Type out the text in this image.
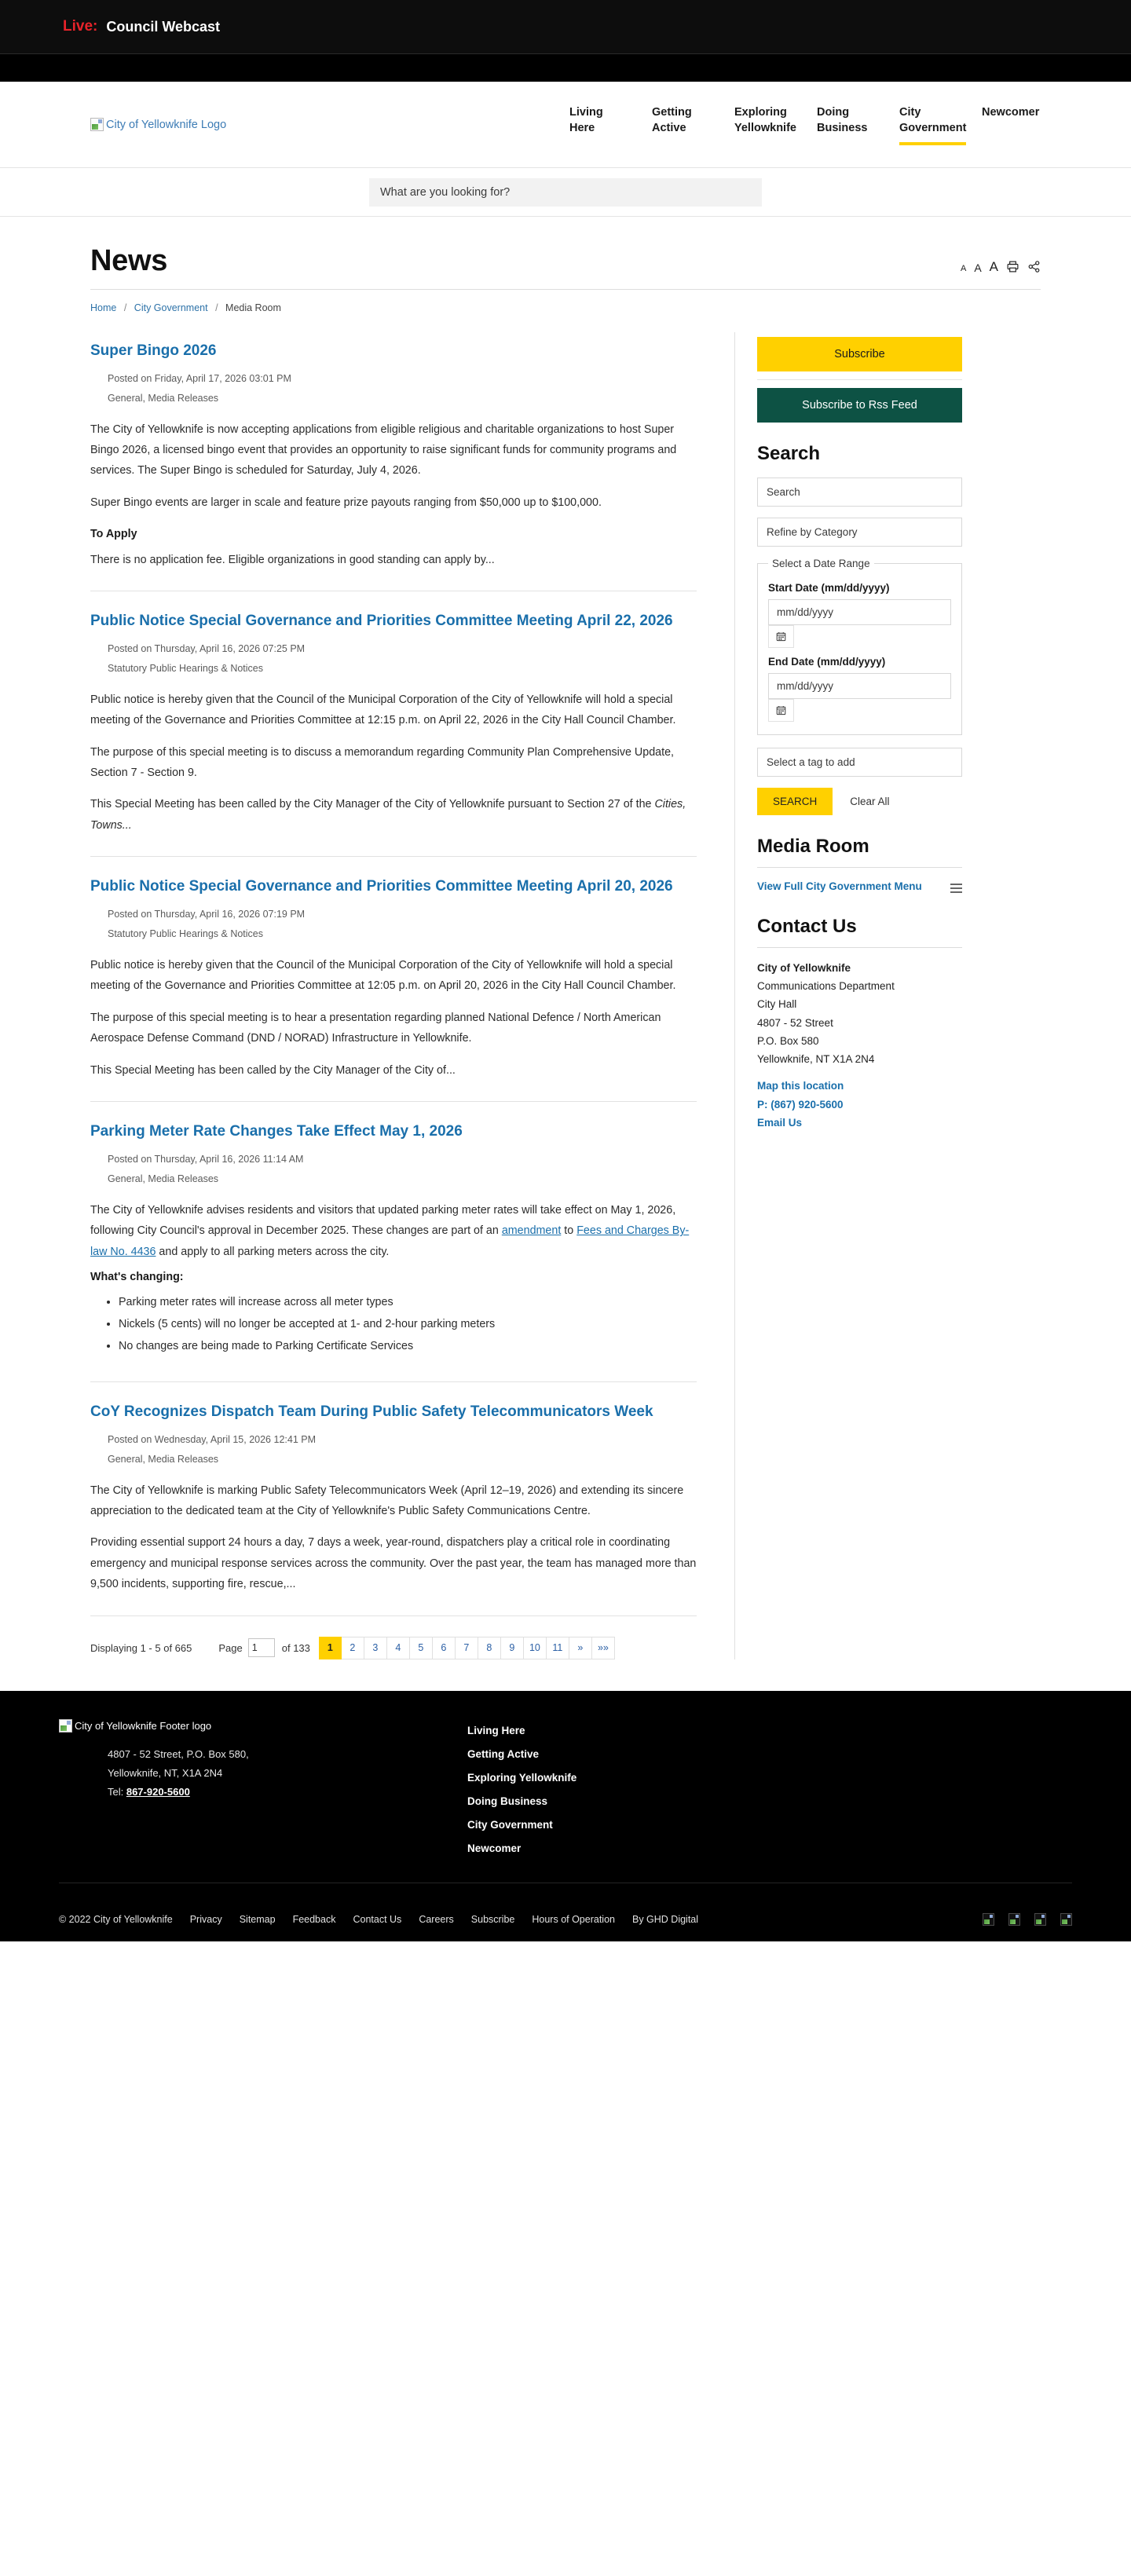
Live: Council Webcast
City of Yellowknife Logo
Living
Here
Getting
Active
Exploring
Yellowknife
Doing
Business
City
Government
Newcomer
What are you looking for?
News	A A A
Home / City Government / Media Room
Super Bingo 2026
Posted on Friday, April 17, 2026 03:01 PM
General, Media Releases

The City of Yellowknife is now accepting applications from eligible religious and charitable organizations to host Super Bingo 2026, a licensed bingo event that provides an opportunity to raise significant funds for community programs and services. The Super Bingo is scheduled for Saturday, July 4, 2026.

Super Bingo events are larger in scale and feature prize payouts ranging from $50,000 up to $100,000.

To Apply

There is no application fee. Eligible organizations in good standing can apply by...

Public Notice Special Governance and Priorities Committee Meeting April 22, 2026
Posted on Thursday, April 16, 2026 07:25 PM
Statutory Public Hearings & Notices

Public notice is hereby given that the Council of the Municipal Corporation of the City of Yellowknife will hold a special meeting of the Governance and Priorities Committee at 12:15 p.m. on April 22, 2026 in the City Hall Council Chamber.

The purpose of this special meeting is to discuss a memorandum regarding Community Plan Comprehensive Update, Section 7 - Section 9.

This Special Meeting has been called by the City Manager of the City of Yellowknife pursuant to Section 27 of the Cities, Towns...

Public Notice Special Governance and Priorities Committee Meeting April 20, 2026
Posted on Thursday, April 16, 2026 07:19 PM
Statutory Public Hearings & Notices

Public notice is hereby given that the Council of the Municipal Corporation of the City of Yellowknife will hold a special meeting of the Governance and Priorities Committee at 12:05 p.m. on April 20, 2026 in the City Hall Council Chamber.

The purpose of this special meeting is to hear a presentation regarding planned National Defence / North American Aerospace Defense Command (DND / NORAD) Infrastructure in Yellowknife.

This Special Meeting has been called by the City Manager of the City of...

Parking Meter Rate Changes Take Effect May 1, 2026
Posted on Thursday, April 16, 2026 11:14 AM
General, Media Releases

The City of Yellowknife advises residents and visitors that updated parking meter rates will take effect on May 1, 2026, following City Council's approval in December 2025. These changes are part of an amendment to Fees and Charges By-law No. 4436 and apply to all parking meters across the city.

What's changing:

• Parking meter rates will increase across all meter types
• Nickels (5 cents) will no longer be accepted at 1- and 2-hour parking meters
• No changes are being made to Parking Certificate Services
CoY Recognizes Dispatch Team During Public Safety Telecommunicators Week
Posted on Wednesday, April 15, 2026 12:41 PM
General, Media Releases

The City of Yellowknife is marking Public Safety Telecommunicators Week (April 12–19, 2026) and extending its sincere appreciation to the dedicated team at the City of Yellowknife's Public Safety Communications Centre.

Providing essential support 24 hours a day, 7 days a week, year-round, dispatchers play a critical role in coordinating emergency and municipal response services across the community. Over the past year, the team has managed more than 9,500 incidents, supporting fire, rescue,...

Displaying 1 - 5 of 665	Page
1	of 133	1	2	3	4	5	6	7	8	9	10	11	»	»»
Subscribe
Subscribe to Rss Feed
Search
Search
Refine by Category
Select a Date Range
Start Date (mm/dd/yyyy)
mm/dd/yyyy
End Date (mm/dd/yyyy)
mm/dd/yyyy
Select a tag to add
SEARCH	Clear All
Media Room
View Full City Government Menu
Contact Us
City of Yellowknife
Communications Department
City Hall
4807 - 52 Street
P.O. Box 580
Yellowknife, NT X1A 2N4
Map this location
P: (867) 920-5600
Email Us
City of Yellowknife Footer logo
4807 - 52 Street, P.O. Box 580,
Yellowknife, NT, X1A 2N4
Tel: 867-920-5600
Living Here
Getting Active
Exploring Yellowknife
Doing Business
City Government
Newcomer
© 2022 City of Yellowknife Privacy Sitemap Feedback Contact Us Careers Subscribe Hours of Operation By GHD Digital
